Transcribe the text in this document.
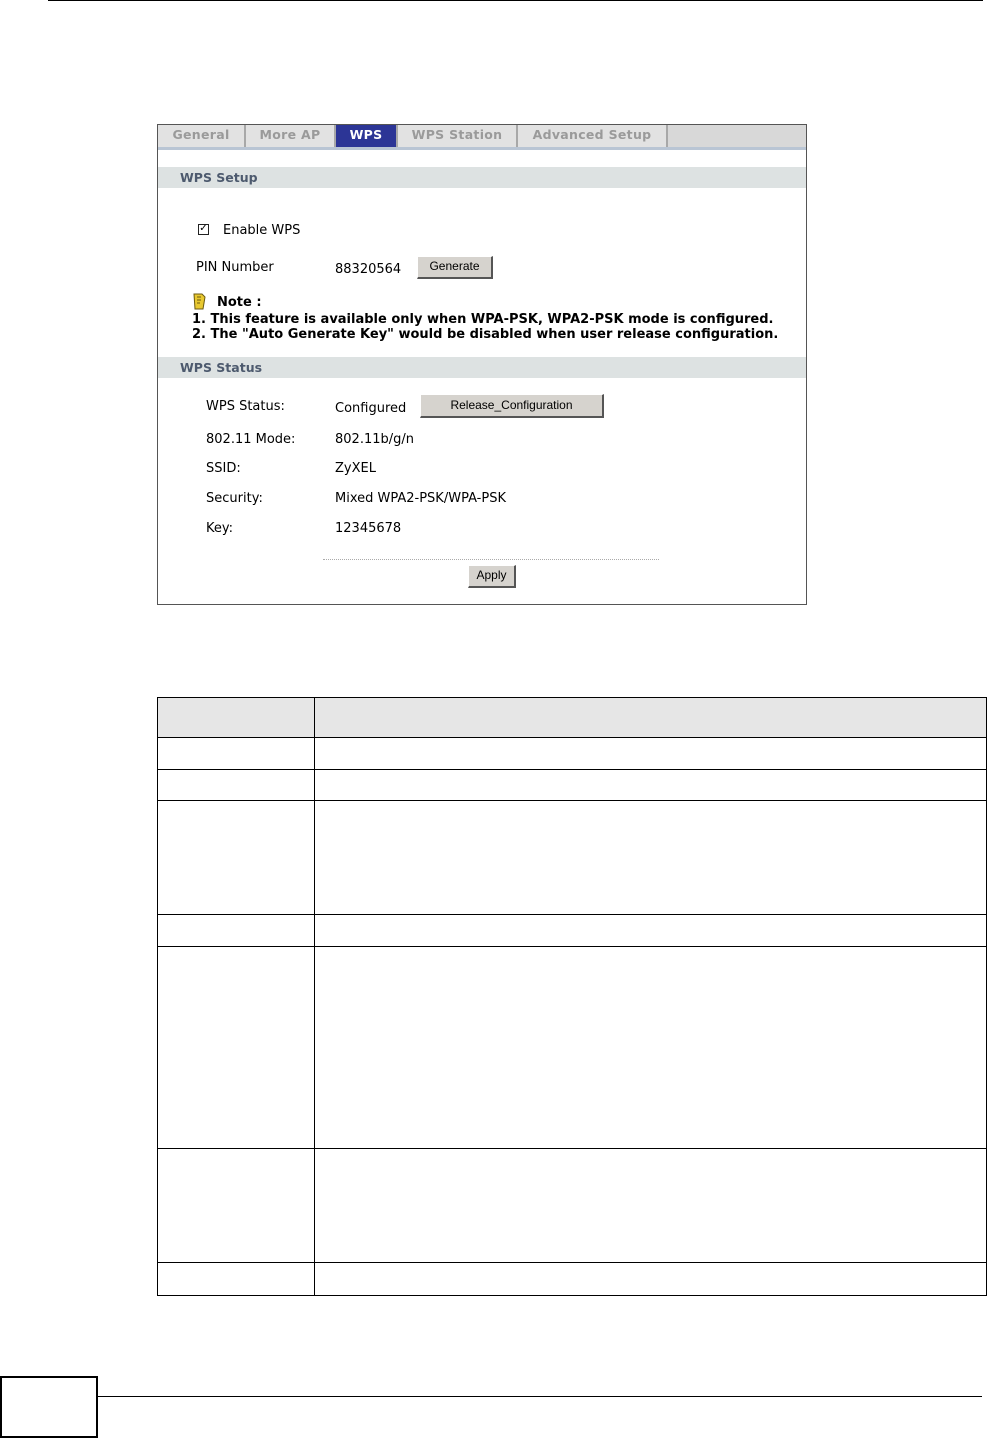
General	More AP	WPS	WPS Station	Advanced Setup
WPS Setup
✓ Enable WPS
PIN Number	88320564	Generate
Note :
1. This feature is available only when WPA-PSK, WPA2-PSK mode is configured.
2. The "Auto Generate Key" would be disabled when user release configuration.
WPS Status
WPS Status:	Configured	Release_Configuration
802.11 Mode:	802.11b/g/n
SSID:	ZyXEL
Security:	Mixed WPA2-PSK/WPA-PSK
Key:	12345678
Apply
